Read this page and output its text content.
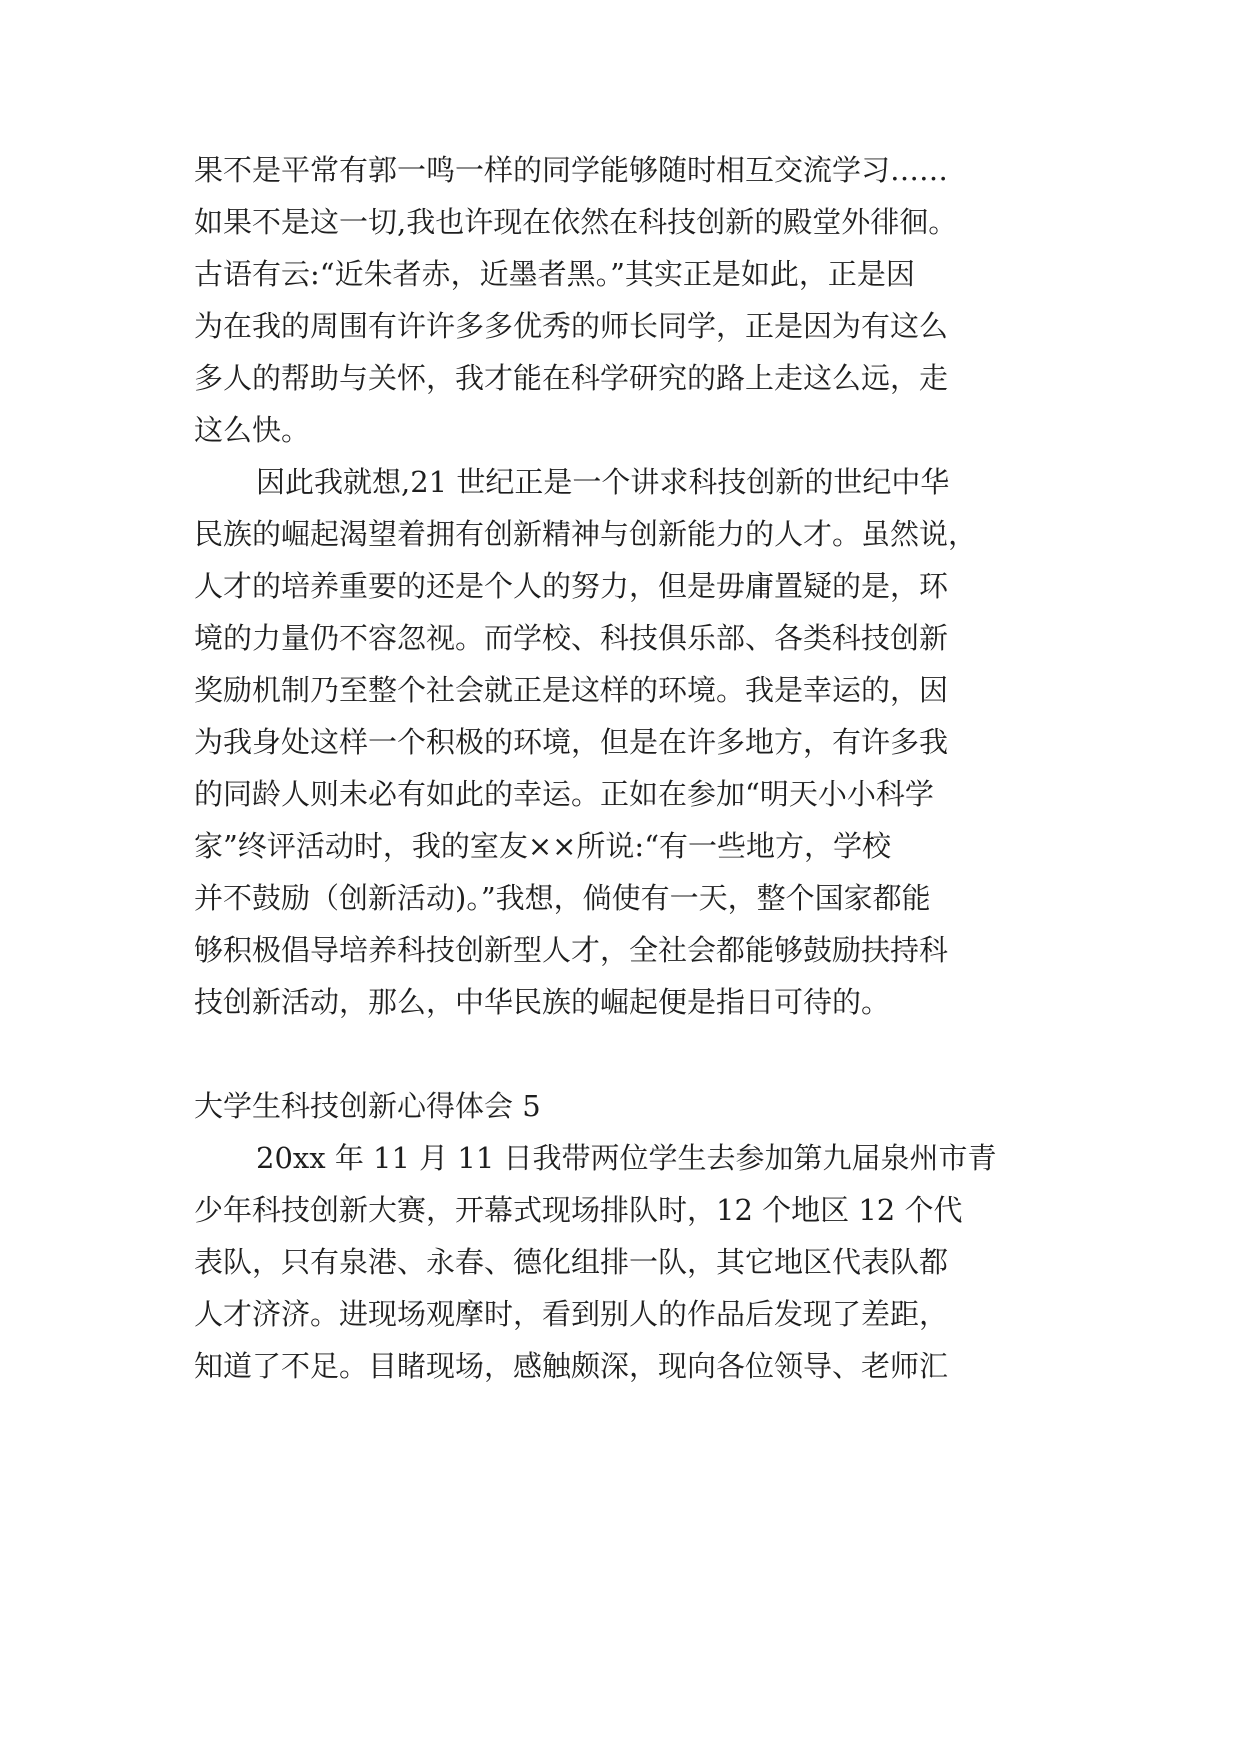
果不是平常有郭一鸣一样的同学能够随时相互交流学习……
如果不是这一切,我也许现在依然在科技创新的殿堂外徘徊。
古语有云:“近朱者赤，近墨者黑。”其实正是如此，正是因
为在我的周围有许许多多优秀的师长同学，正是因为有这么
多人的帮助与关怀，我才能在科学研究的路上走这么远，走
这么快。
因此我就想,21 世纪正是一个讲求科技创新的世纪中华
民族的崛起渴望着拥有创新精神与创新能力的人才。虽然说，
人才的培养重要的还是个人的努力，但是毋庸置疑的是，环
境的力量仍不容忽视。而学校、科技俱乐部、各类科技创新
奖励机制乃至整个社会就正是这样的环境。我是幸运的，因
为我身处这样一个积极的环境，但是在许多地方，有许多我
的同龄人则未必有如此的幸运。正如在参加“明天小小科学
家”终评活动时，我的室友××所说:“有一些地方，学校
并不鼓励（创新活动)。”我想，倘使有一天，整个国家都能
够积极倡导培养科技创新型人才，全社会都能够鼓励扶持科
技创新活动，那么，中华民族的崛起便是指日可待的。
大学生科技创新心得体会 5
20xx 年 11 月 11 日我带两位学生去参加第九届泉州市青
少年科技创新大赛，开幕式现场排队时，12 个地区 12 个代
表队，只有泉港、永春、德化组排一队，其它地区代表队都
人才济济。进现场观摩时，看到别人的作品后发现了差距，
知道了不足。目睹现场，感触颇深，现向各位领导、老师汇
